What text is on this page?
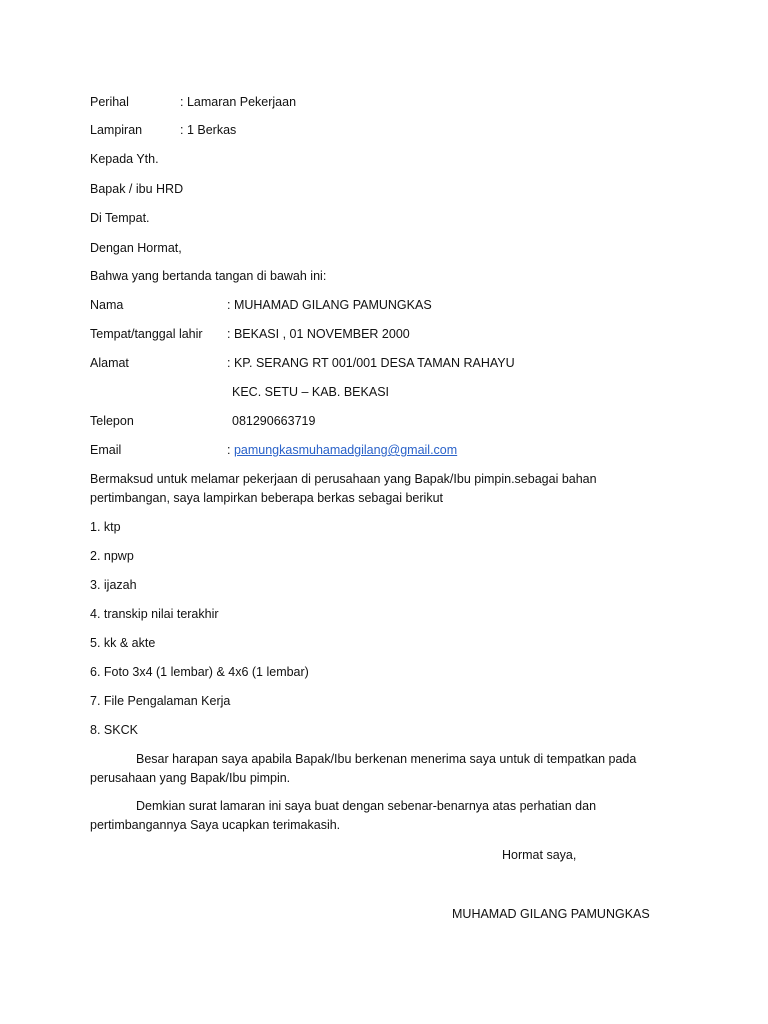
Perihal	: Lamaran Pekerjaan
Lampiran	: 1 Berkas
Kepada Yth.
Bapak / ibu HRD
Di Tempat.
Dengan Hormat,
Bahwa yang bertanda tangan di bawah ini:
Nama	: MUHAMAD GILANG PAMUNGKAS
Tempat/tanggal lahir : BEKASI , 01 NOVEMBER 2000
Alamat	: KP. SERANG RT 001/001 DESA TAMAN RAHAYU
KEC. SETU – KAB. BEKASI
Telepon	081290663719
Email	: pamungkasmuhamadgilang@gmail.com
Bermaksud untuk melamar pekerjaan di perusahaan yang Bapak/Ibu pimpin.sebagai bahan
pertimbangan, saya lampirkan beberapa berkas sebagai berikut
1. ktp
2. npwp
3. ijazah
4. transkip nilai terakhir
5. kk & akte
6. Foto 3x4 (1 lembar) & 4x6 (1 lembar)
7. File Pengalaman Kerja
8. SKCK
Besar harapan saya apabila Bapak/Ibu berkenan menerima saya untuk di tempatkan pada
perusahaan yang Bapak/Ibu pimpin.
Demkian surat lamaran ini saya buat dengan sebenar-benarnya atas perhatian dan
pertimbangannya Saya ucapkan terimakasih.
Hormat saya,
MUHAMAD GILANG PAMUNGKAS
